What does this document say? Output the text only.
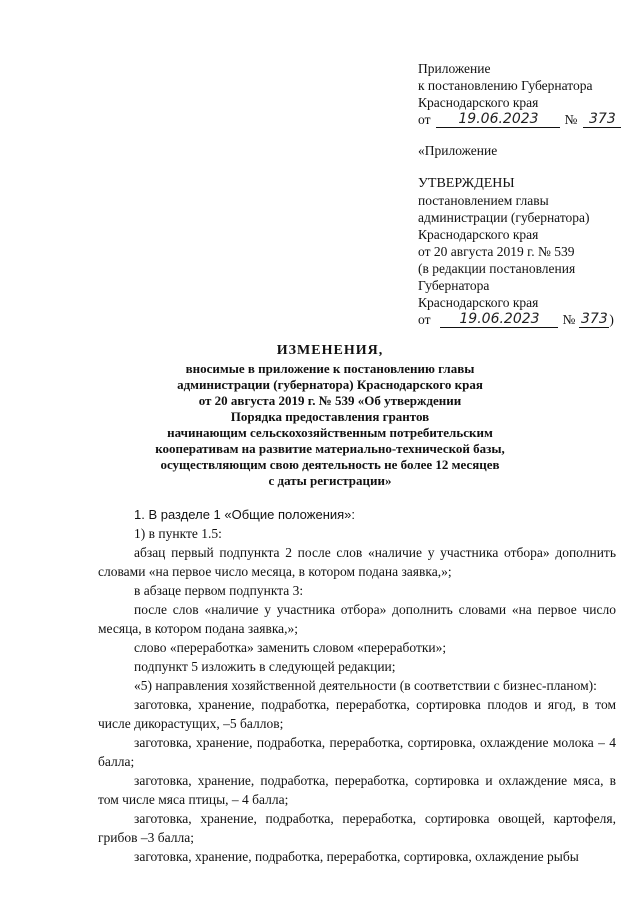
Приложение
к постановлению Губернатора
Краснодарского края
от	19.06.2023	№ 373
«Приложение
УТВЕРЖДЕНЫ
постановлением главы
администрации (губернатора)
Краснодарского края
от 20 августа 2019 г. № 539
(в редакции постановления
Губернатора
Краснодарского края
от	19.06.2023	№ 373 )
ИЗМЕНЕНИЯ,
вносимые в приложение к постановлению главы
администрации (губернатора) Краснодарского края
от 20 августа 2019 г. № 539 «Об утверждении
Порядка предоставления грантов
начинающим сельскохозяйственным потребительским
кооперативам на развитие материально-технической базы,
осуществляющим свою деятельность не более 12 месяцев
с даты регистрации»

1. В разделе 1 «Общие положения»:

1) в пункте 1.5:

абзац первый подпункта 2 после слов «наличие у участника отбора» дополнить словами «на первое число месяца, в котором подана заявка,»;

в абзаце первом подпункта 3:

после слов «наличие у участника отбора» дополнить словами «на первое число месяца, в котором подана заявка,»;

слово «переработка» заменить словом «переработки»;

подпункт 5 изложить в следующей редакции;

«5) направления хозяйственной деятельности (в соответствии с бизнес-планом):

заготовка, хранение, подработка, переработка, сортировка плодов и ягод, в том числе дикорастущих, –5 баллов;

заготовка, хранение, подработка, переработка, сортировка, охлаждение молока – 4 балла;

заготовка, хранение, подработка, переработка, сортировка и охлаждение мяса, в том числе мяса птицы, – 4 балла;

заготовка, хранение, подработка, переработка, сортировка овощей, картофеля, грибов –3 балла;

заготовка, хранение, подработка, переработка, сортировка, охлаждение рыбы
